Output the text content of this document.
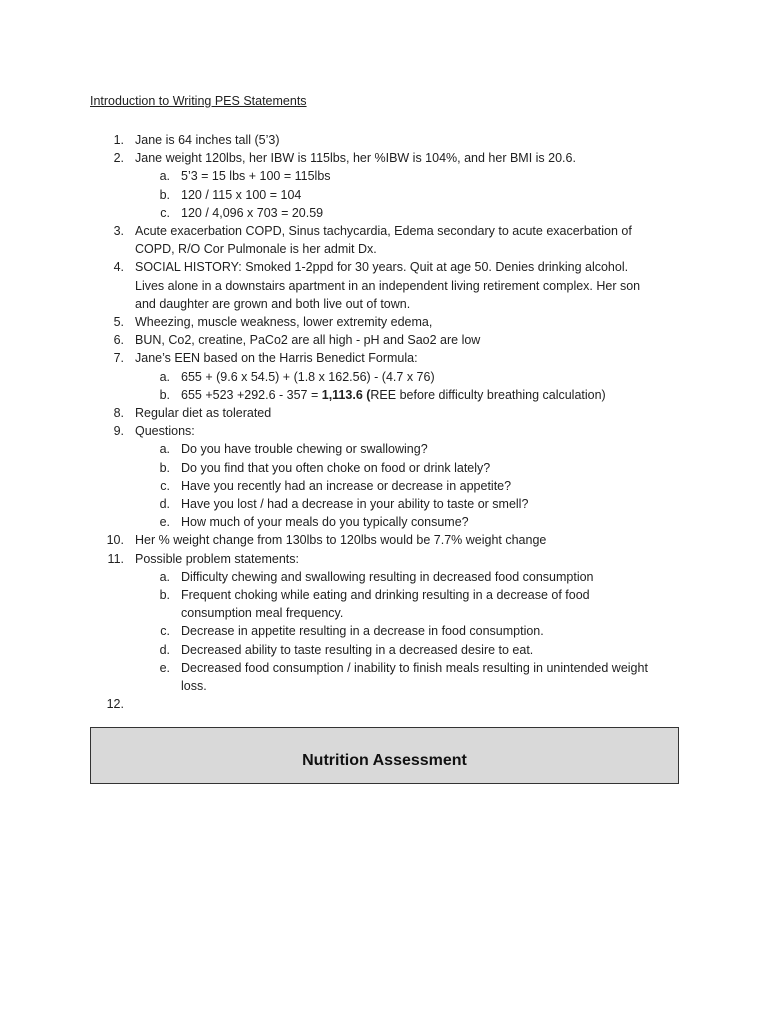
Introduction to Writing PES Statements
1. Jane is 64 inches tall (5’3)
2. Jane weight 120lbs, her IBW is 115lbs, her %IBW is 104%, and her BMI is 20.6.
a. 5’3 = 15 lbs + 100 = 115lbs
b. 120 / 115 x 100 = 104
c. 120 / 4,096 x 703 = 20.59
3. Acute exacerbation COPD, Sinus tachycardia, Edema secondary to acute exacerbation of
COPD, R/O Cor Pulmonale is her admit Dx.
4. SOCIAL HISTORY: Smoked 1-2ppd for 30 years. Quit at age 50. Denies drinking alcohol.
Lives alone in a downstairs apartment in an independent living retirement complex. Her son
and daughter are grown and both live out of town.
5. Wheezing, muscle weakness, lower extremity edema,
6. BUN, Co2, creatine, PaCo2 are all high - pH and Sao2 are low
7. Jane’s EEN based on the Harris Benedict Formula:
a. 655 + (9.6 x 54.5) + (1.8 x 162.56) - (4.7 x 76)
b. 655 +523 +292.6 - 357 = 1,113.6 (REE before difficulty breathing calculation)
8. Regular diet as tolerated
9. Questions:
a. Do you have trouble chewing or swallowing?
b. Do you find that you often choke on food or drink lately?
c. Have you recently had an increase or decrease in appetite?
d. Have you lost / had a decrease in your ability to taste or smell?
e. How much of your meals do you typically consume?
10. Her % weight change from 130lbs to 120lbs would be 7.7% weight change
11. Possible problem statements:
a. Difficulty chewing and swallowing resulting in decreased food consumption
b. Frequent choking while eating and drinking resulting in a decrease of food
consumption meal frequency.
c. Decrease in appetite resulting in a decrease in food consumption.
d. Decreased ability to taste resulting in a decreased desire to eat.
e. Decreased food consumption / inability to finish meals resulting in unintended weight
loss.
12.
Nutrition Assessment
